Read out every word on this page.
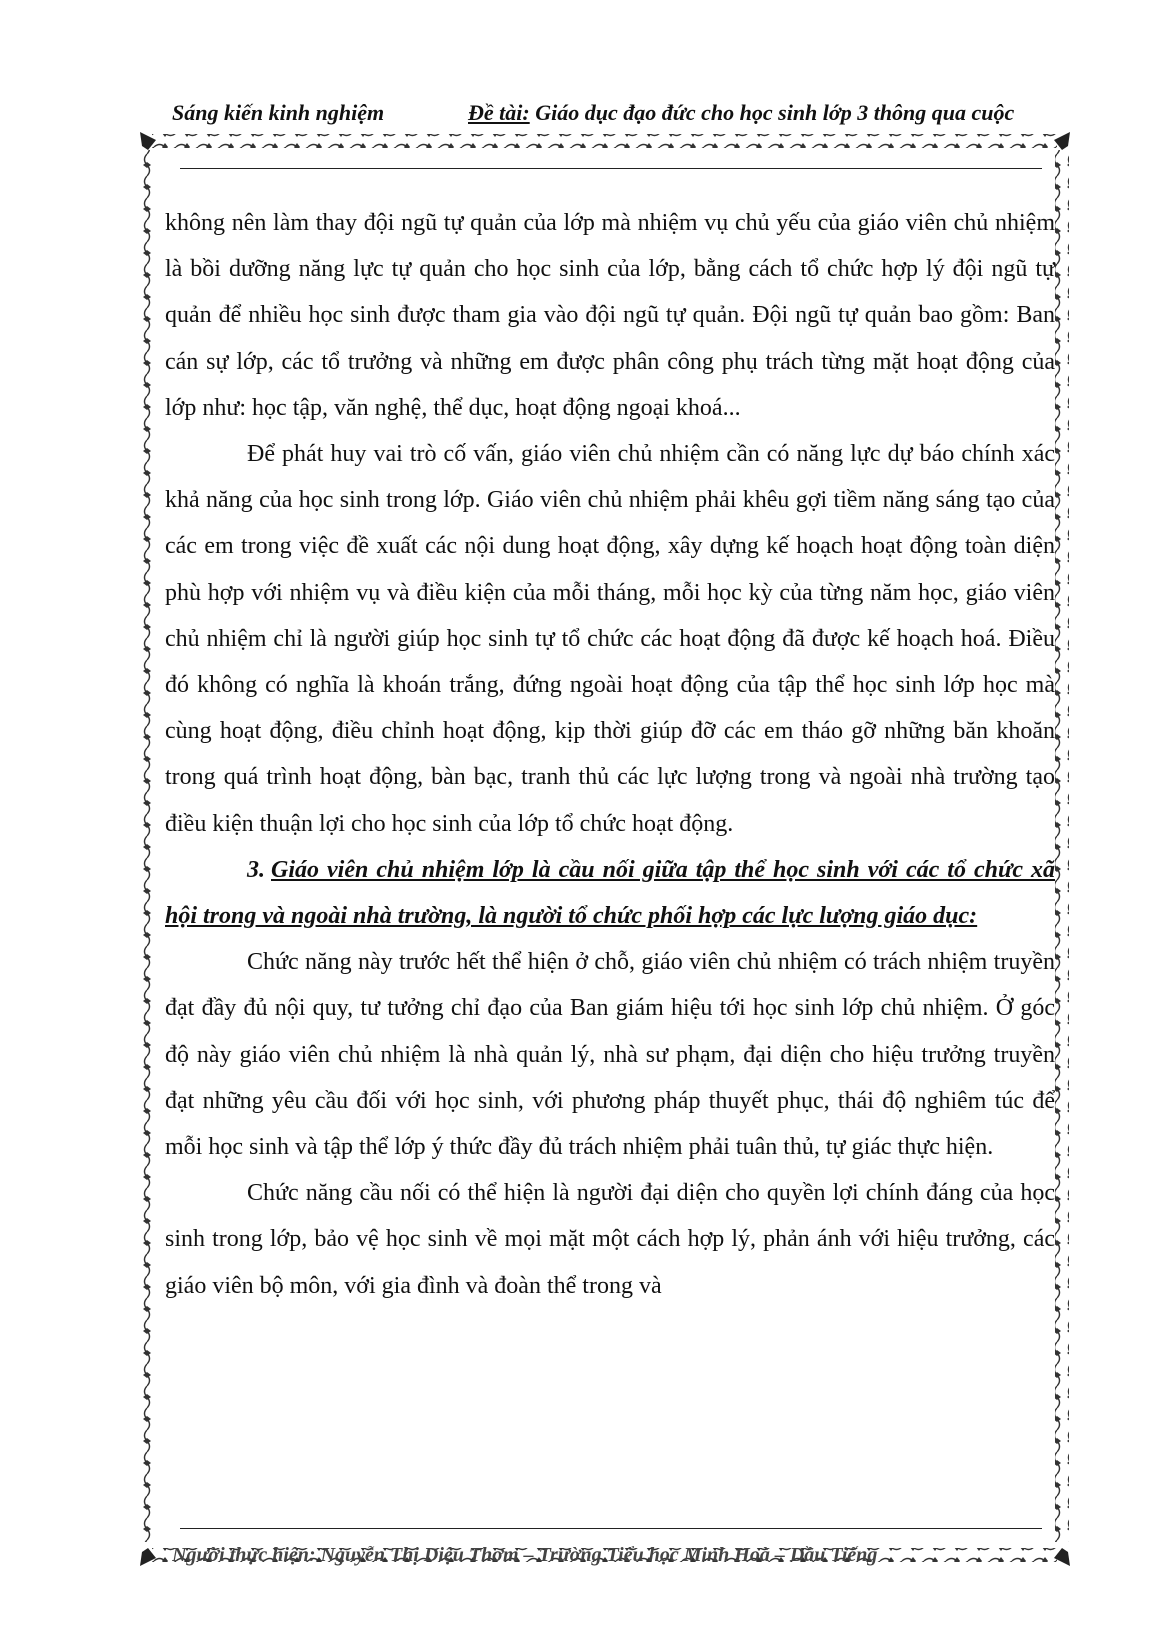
Sáng kiến kinh nghiệm	Đề tài: Giáo dục đạo đức cho học sinh lớp 3 thông qua cuộc

không nên làm thay đội ngũ tự quản của lớp mà nhiệm vụ chủ yếu của giáo viên chủ nhiệm là bồi dưỡng năng lực tự quản cho học sinh của lớp, bằng cách tổ chức hợp lý đội ngũ tự quản để nhiều học sinh được tham gia vào đội ngũ tự quản. Đội ngũ tự quản bao gồm: Ban cán sự lớp, các tổ trưởng và những em được phân công phụ trách từng mặt hoạt động của lớp như: học tập, văn nghệ, thể dục, hoạt động ngoại khoá...

Để phát huy vai trò cố vấn, giáo viên chủ nhiệm cần có năng lực dự báo chính xác khả năng của học sinh trong lớp. Giáo viên chủ nhiệm phải khêu gợi tiềm năng sáng tạo của các em trong việc đề xuất các nội dung hoạt động, xây dựng kế hoạch hoạt động toàn diện phù hợp với nhiệm vụ và điều kiện của mỗi tháng, mỗi học kỳ của từng năm học, giáo viên chủ nhiệm chỉ là người giúp học sinh tự tổ chức các hoạt động đã được kế hoạch hoá. Điều đó không có nghĩa là khoán trắng, đứng ngoài hoạt động của tập thể học sinh lớp học mà cùng hoạt động, điều chỉnh hoạt động, kịp thời giúp đỡ các em tháo gỡ những băn khoăn trong quá trình hoạt động, bàn bạc, tranh thủ các lực lượng trong và ngoài nhà trường tạo điều kiện thuận lợi cho học sinh của lớp tổ chức hoạt động.

3. Giáo viên chủ nhiệm lớp là cầu nối giữa tập thể học sinh với các tổ chức xã hội trong và ngoài nhà trường, là người tổ chức phối hợp các lực lượng giáo dục:

Chức năng này trước hết thể hiện ở chỗ, giáo viên chủ nhiệm có trách nhiệm truyền đạt đầy đủ nội quy, tư tưởng chỉ đạo của Ban giám hiệu tới học sinh lớp chủ nhiệm. Ở góc độ này giáo viên chủ nhiệm là nhà quản lý, nhà sư phạm, đại diện cho hiệu trưởng truyền đạt những yêu cầu đối với học sinh, với phương pháp thuyết phục, thái độ nghiêm túc để mỗi học sinh và tập thể lớp ý thức đầy đủ trách nhiệm phải tuân thủ, tự giác thực hiện.

Chức năng cầu nối có thể hiện là người đại diện cho quyền lợi chính đáng của học sinh trong lớp, bảo vệ học sinh về mọi mặt một cách hợp lý, phản ánh với hiệu trưởng, các giáo viên bộ môn, với gia đình và đoàn thể trong và

Người thực hiện: Nguyễn Thị Diệu Thơm – Trường Tiểu học Minh Hoà – Dầu Tiếng
